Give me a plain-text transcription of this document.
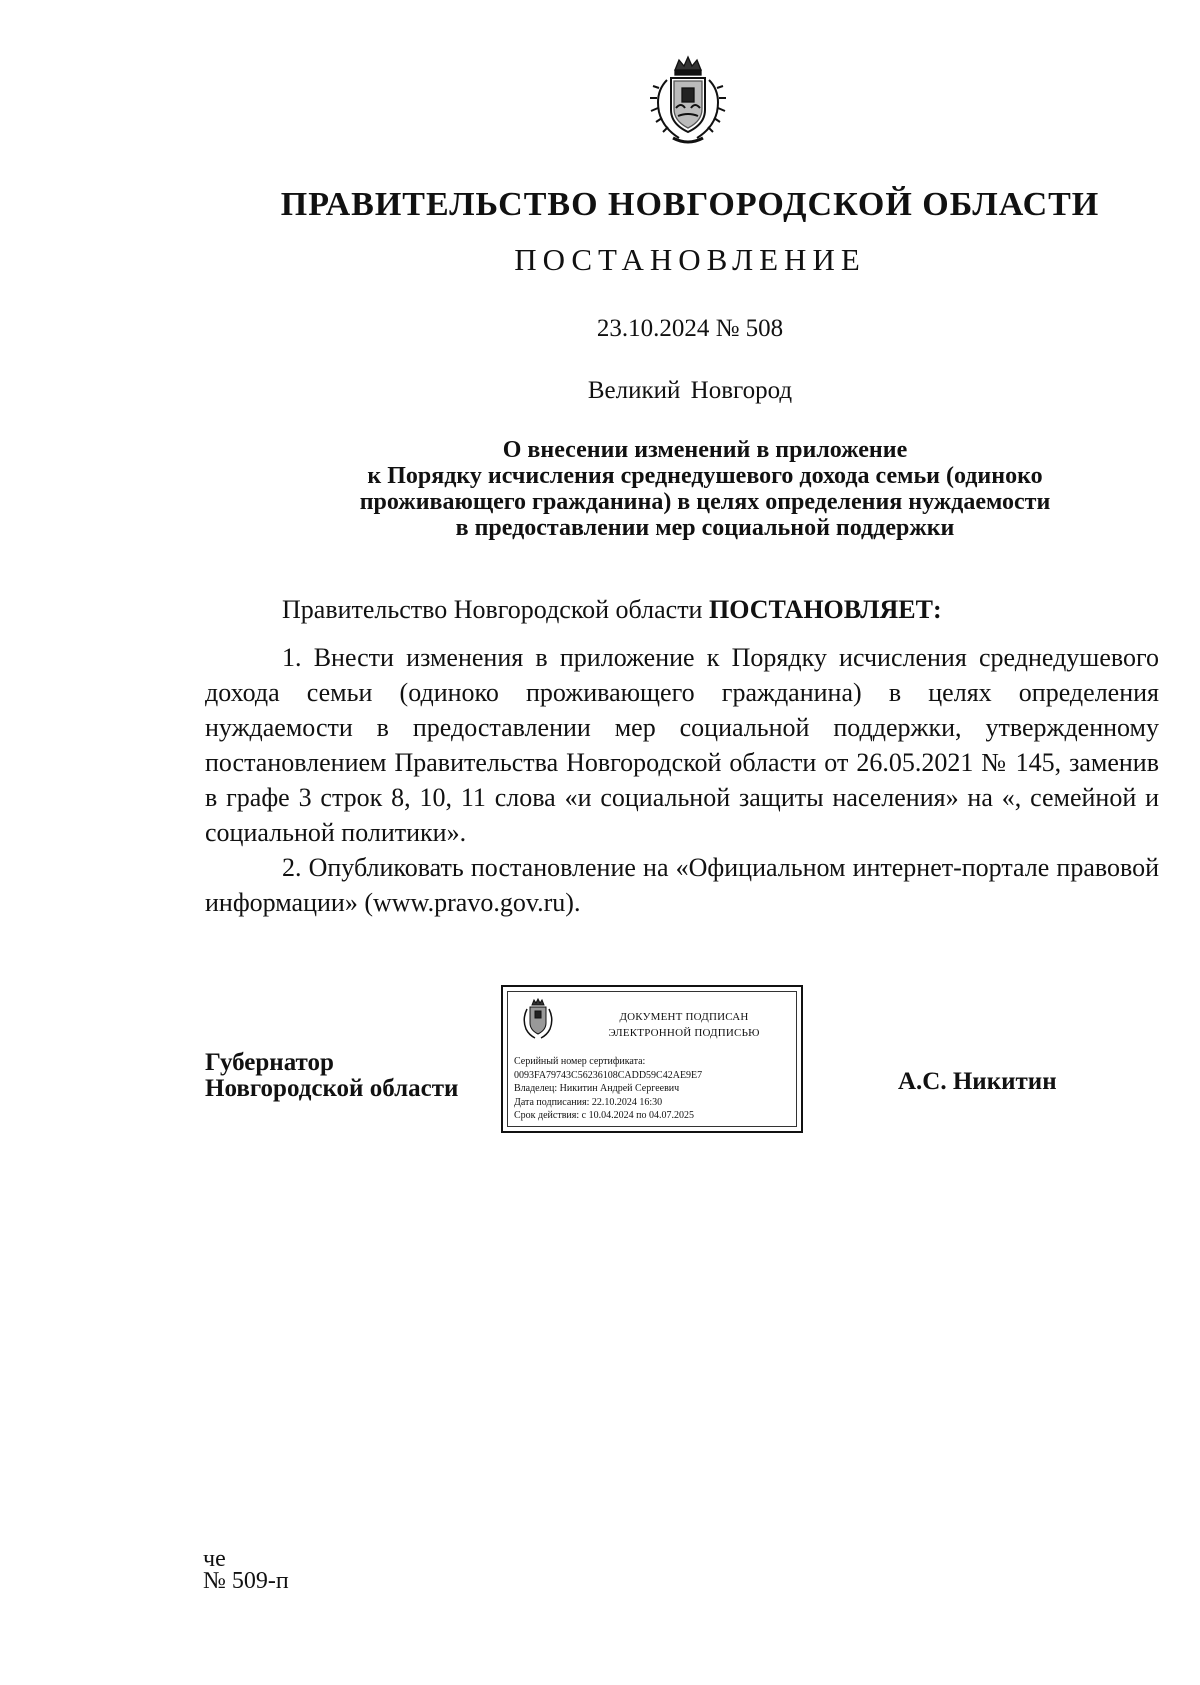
ПРАВИТЕЛЬСТВО НОВГОРОДСКОЙ ОБЛАСТИ
ПОСТАНОВЛЕНИЕ
23.10.2024 № 508
Великий Новгород
О внесении изменений в приложение
к Порядку исчисления среднедушевого дохода семьи (одиноко
проживающего гражданина) в целях определения нуждаемости
в предоставлении мер социальной поддержки
Правительство Новгородской области ПОСТАНОВЛЯЕТ:

1. Внести изменения в приложение к Порядку исчисления среднедушевого дохода семьи (одиноко проживающего гражданина) в целях определения нуждаемости в предоставлении мер социальной поддержки, утвержденному постановлением Правительства Новгородской области от 26.05.2021 № 145, заменив в графе 3 строк 8, 10, 11 слова «и социальной защиты населения» на «, семейной и социальной политики».

2. Опубликовать постановление на «Официальном интернет-портале правовой информации» (www.pravo.gov.ru).

Губернатор
Новгородской области
ДОКУМЕНТ ПОДПИСАН
ЭЛЕКТРОННОЙ ПОДПИСЬЮ
Серийный номер сертификата:
0093FA79743C56236108CADD59C42AE9E7
Владелец: Никитин Андрей Сергеевич
Дата подписания: 22.10.2024 16:30
Срок действия: с 10.04.2024 по 04.07.2025
А.С. Никитин
че
№ 509-п
